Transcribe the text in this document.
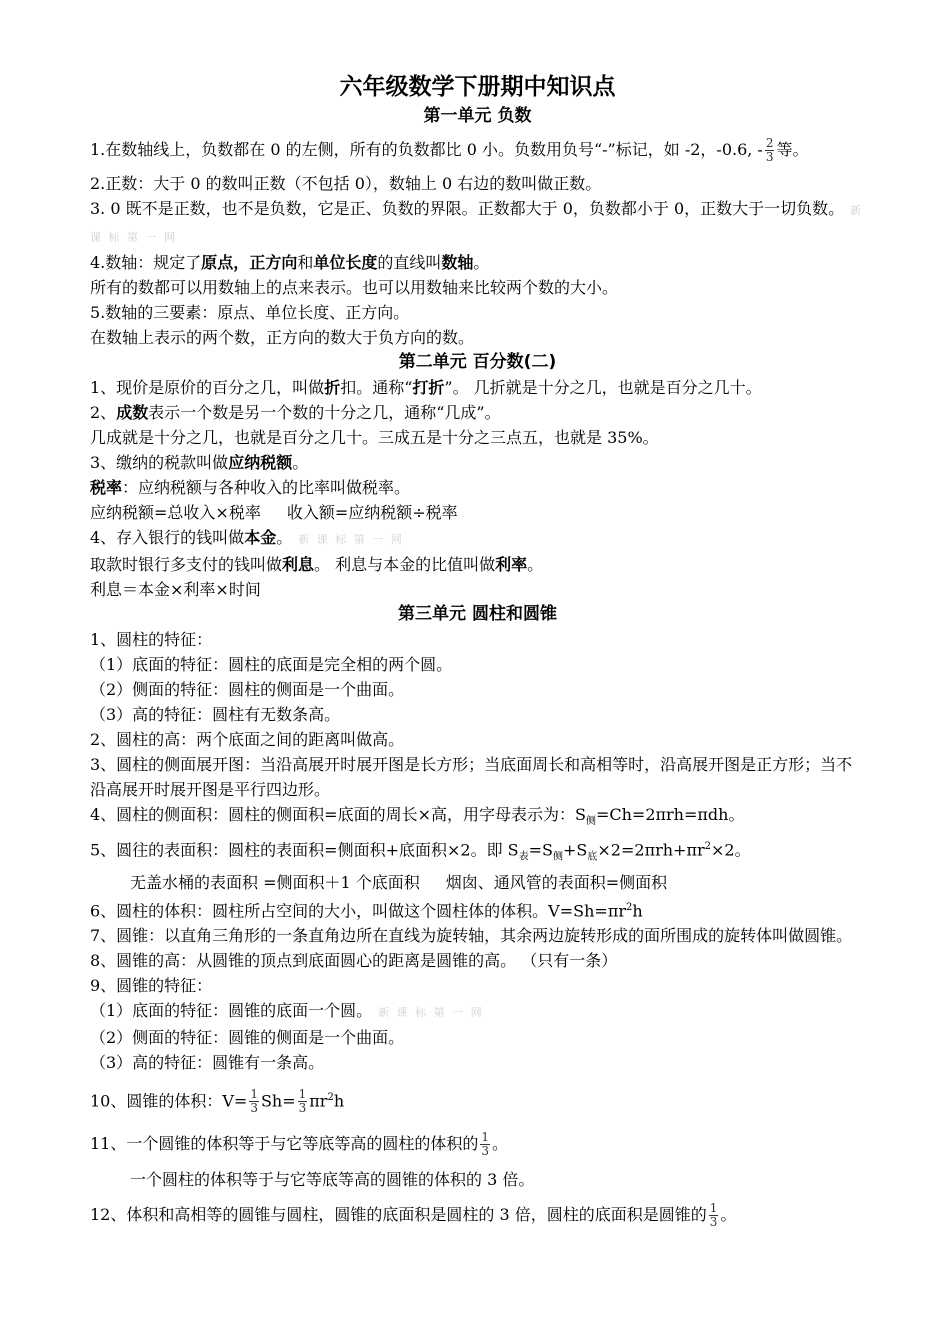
六年级数学下册期中知识点
第一单元 负数
1.在数轴线上，负数都在 0 的左侧，所有的负数都比 0 小。负数用负号“-”标记，如 -2，-0.6, - $\frac{2}{3}$ 等。
2.正数：大于 0 的数叫正数（不包括 0），数轴上 0 右边的数叫做正数。
3. 0 既不是正数，也不是负数，它是正、负数的界限。正数都大于 0，负数都小于 0，正数大于一切负数。 新 课 标 第 一 网
4.数轴：规定了原点，正方向和单位长度的直线叫数轴。
所有的数都可以用数轴上的点来表示。也可以用数轴来比较两个数的大小。
5.数轴的三要素：原点、单位长度、正方向。
在数轴上表示的两个数，正方向的数大于负方向的数。
第二单元 百分数(二)
1、现价是原价的百分之几，叫做折扣。通称“打折”。 几折就是十分之几，也就是百分之几十。
2、成数表示一个数是另一个数的十分之几，通称“几成”。
几成就是十分之几，也就是百分之几十。三成五是十分之三点五，也就是 35%。
3、缴纳的税款叫做应纳税额。
税率：应纳税额与各种收入的比率叫做税率。
应纳税额=总收入×税率 收入额=应纳税额÷税率
4、存入银行的钱叫做本金。 新 课 标 第 一 网
取款时银行多支付的钱叫做利息。 利息与本金的比值叫做利率。
利息＝本金×利率×时间
第三单元 圆柱和圆锥
1、圆柱的特征：
（1）底面的特征：圆柱的底面是完全相的两个圆。
（2）侧面的特征：圆柱的侧面是一个曲面。
（3）高的特征：圆柱有无数条高。
2、圆柱的高：两个底面之间的距离叫做高。
3、圆柱的侧面展开图：当沿高展开时展开图是长方形；当底面周长和高相等时，沿高展开图是正方形；当不沿高展开时展开图是平行四边形。
4、圆柱的侧面积：圆柱的侧面积=底面的周长×高，用字母表示为：$S_侧=Ch=2\pi rh=\pi dh$。
5、圆往的表面积：圆柱的表面积=侧面积+底面积×2。即 $S_表=S_侧+S_底\times 2=2\pi rh+\pi r^2\times 2$。
无盖水桶的表面积 =侧面积＋1 个底面积 烟囱、通风管的表面积=侧面积
6、圆柱的体积：圆柱所占空间的大小，叫做这个圆柱体的体积。$V=Sh=\pi r^2h$
7、圆锥：以直角三角形的一条直角边所在直线为旋转轴，其余两边旋转形成的面所围成的旋转体叫做圆锥。
8、圆锥的高：从圆锥的顶点到底面圆心的距离是圆锥的高。 （只有一条）
9、圆锥的特征：
（1）底面的特征：圆锥的底面一个圆。 新 课 标 第 一 网
（2）侧面的特征：圆锥的侧面是一个曲面。
（3）高的特征：圆锥有一条高。
10、圆锥的体积：$V= \frac{1}{3} Sh= \frac{1}{3} \pi r^2h$
11、一个圆锥的体积等于与它等底等高的圆柱的体积的 $\frac{1}{3}$ 。
一个圆柱的体积等于与它等底等高的圆锥的体积的 3 倍。
12、体积和高相等的圆锥与圆柱，圆锥的底面积是圆柱的 3 倍，圆柱的底面积是圆锥的 $\frac{1}{3}$ 。
